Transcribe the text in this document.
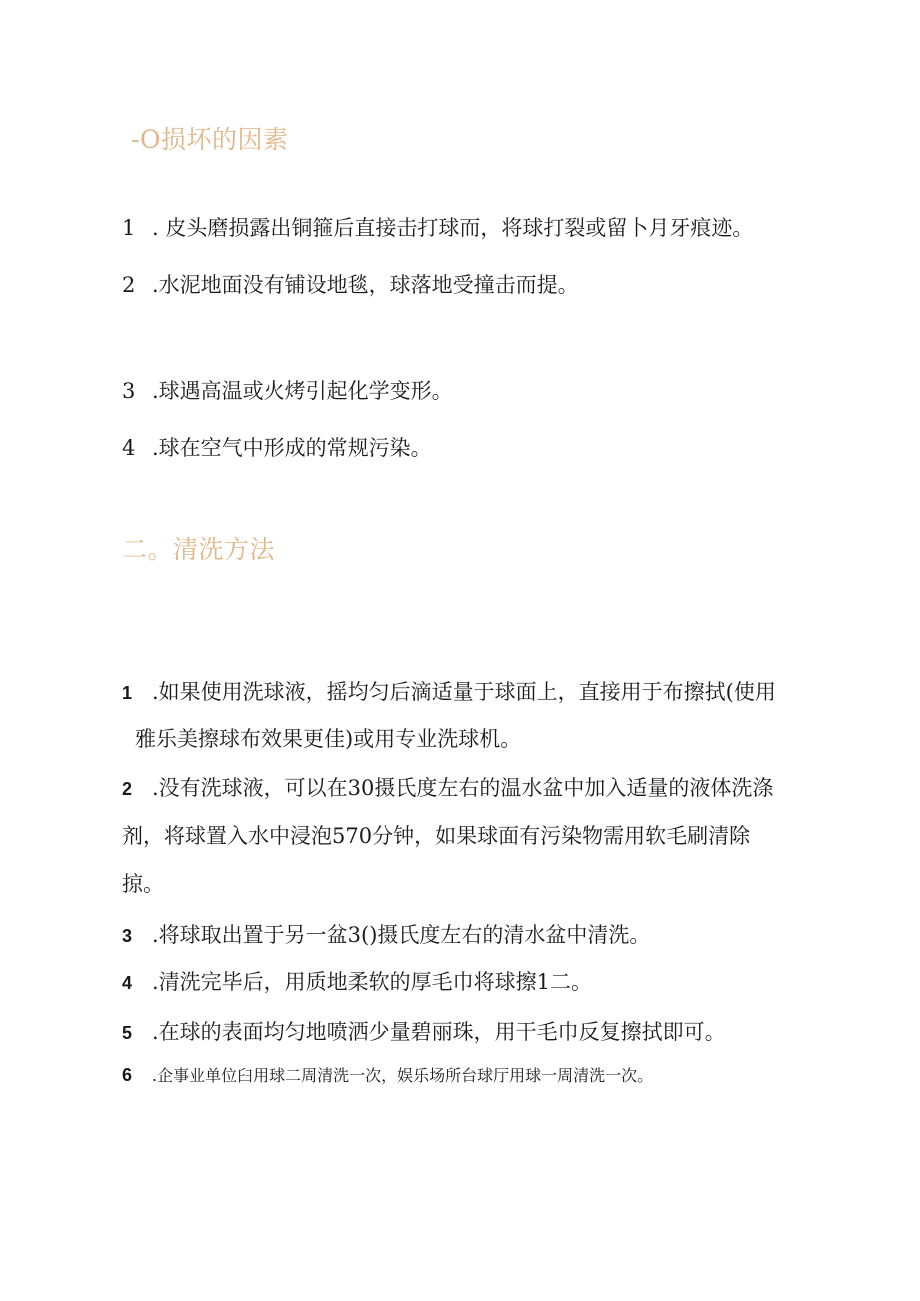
-O损坏的因素
1 . 皮头磨损露出铜箍后直接击打球而，将球打裂或留卜月牙痕迹。
2 .水泥地面没有铺设地毯，球落地受撞击而提。
3 .球遇高温或火烤引起化学变形。
4 .球在空气中形成的常规污染。
二。清洗方法
1 .如果使用洗球液，摇均匀后滴适量于球面上，直接用于布擦拭(使用
雅乐美擦球布效果更佳)或用专业洗球机。
2 .没有洗球液，可以在30摄氏度左右的温水盆中加入适量的液体洗涤
剂，将球置入水中浸泡570分钟，如果球面有污染物需用软毛刷清除
掠。
3 .将球取出置于另一盆3()摄氏度左右的清水盆中清洗。
4 .清洗完毕后，用质地柔软的厚毛巾将球擦1二。
5 .在球的表面均匀地喷洒少量碧丽珠，用干毛巾反复擦拭即可。
6 .企事业单位臼用球二周清洗一次，娱乐场所台球厅用球一周清洗一次。
